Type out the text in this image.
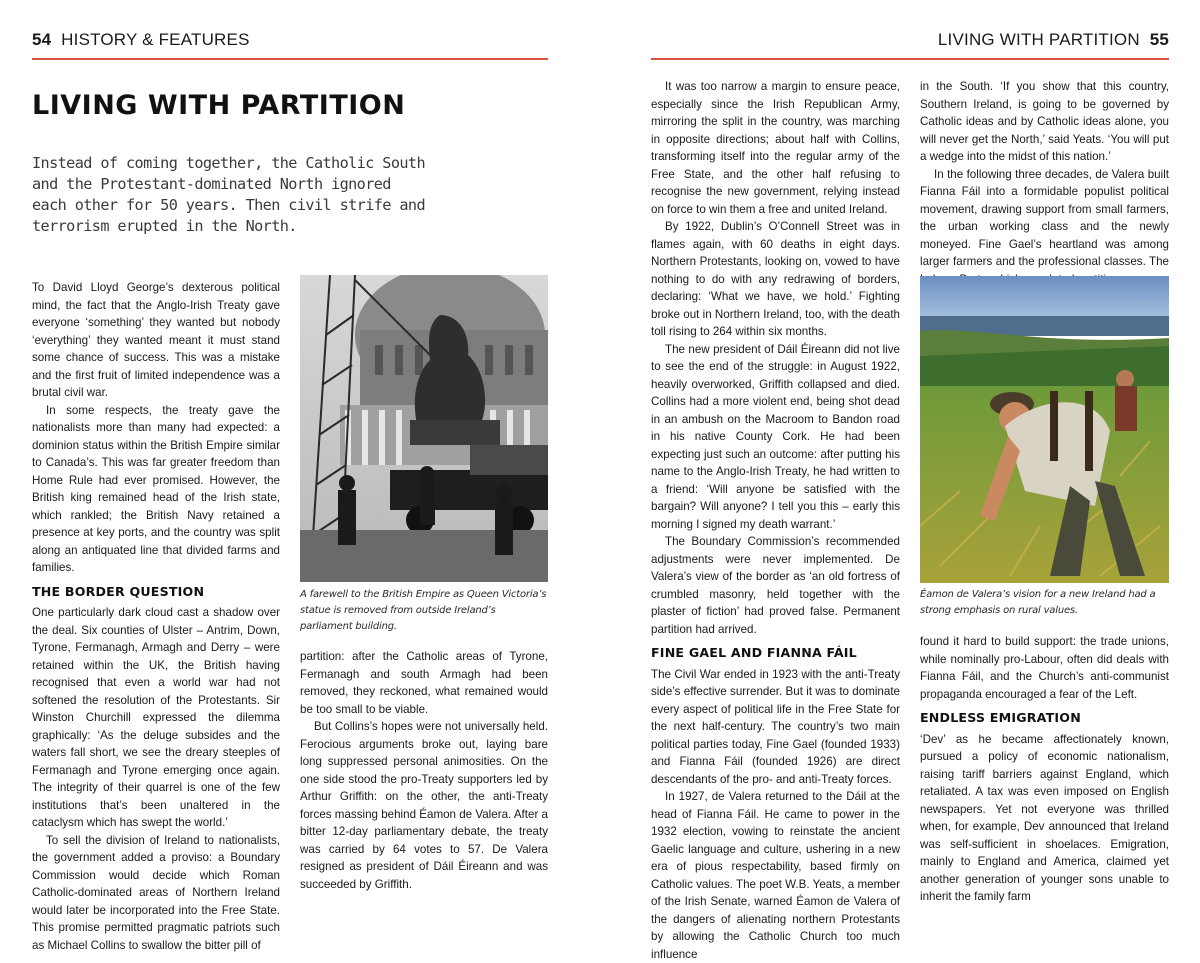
54 HISTORY & FEATURES	LIVING WITH PARTITION 55
LIVING WITH PARTITION
Instead of coming together, the Catholic South and the Protestant-dominated North ignored each other for 50 years. Then civil strife and terrorism erupted in the North.

To David Lloyd George’s dexterous political mind, the fact that the Anglo-Irish Treaty gave everyone ‘something’ they wanted but nobody ‘everything’ they wanted meant it must stand some chance of success. This was a mistake and the first fruit of limited independence was a brutal civil war.

In some respects, the treaty gave the nationalists more than many had expected: a dominion status within the British Empire similar to Canada’s. This was far greater freedom than Home Rule had ever promised. However, the British king remained head of the Irish state, which rankled; the British Navy retained a presence at key ports, and the country was split along an antiquated line that divided farms and families.

THE BORDER QUESTION

One particularly dark cloud cast a shadow over the deal. Six counties of Ulster – Antrim, Down, Tyrone, Fermanagh, Armagh and Derry – were retained within the UK, the British having recognised that even a world war had not softened the resolution of the Protestants. Sir Winston Churchill expressed the dilemma graphically: ‘As the deluge subsides and the waters fall short, we see the dreary steeples of Fermanagh and Tyrone emerging once again. The integrity of their quarrel is one of the few institutions that’s been unaltered in the cataclysm which has swept the world.’

To sell the division of Ireland to nationalists, the government added a proviso: a Boundary Commission would decide which Roman Catholic-dominated areas of Northern Ireland would later be incorporated into the Free State. This promise permitted pragmatic patriots such as Michael Collins to swallow the bitter pill of

A farewell to the British Empire as Queen Victoria’s statue is removed from outside Ireland’s parliament building.

partition: after the Catholic areas of Tyrone, Fermanagh and south Armagh had been removed, they reckoned, what remained would be too small to be viable.

But Collins’s hopes were not universally held. Ferocious arguments broke out, laying bare long suppressed personal animosities. On the one side stood the pro-Treaty supporters led by Arthur Griffith: on the other, the anti-Treaty forces massing behind Éamon de Valera. After a bitter 12-day parliamentary debate, the treaty was carried by 64 votes to 57. De Valera resigned as president of Dáil Éireann and was succeeded by Griffith.

It was too narrow a margin to ensure peace, especially since the Irish Republican Army, mirroring the split in the country, was marching in opposite directions; about half with Collins, transforming itself into the regular army of the Free State, and the other half refusing to recognise the new government, relying instead on force to win them a free and united Ireland.

By 1922, Dublin’s O’Connell Street was in flames again, with 60 deaths in eight days. Northern Protestants, looking on, vowed to have nothing to do with any redrawing of borders, declaring: ‘What we have, we hold.’ Fighting broke out in Northern Ireland, too, with the death toll rising to 264 within six months.

The new president of Dáil Éireann did not live to see the end of the struggle: in August 1922, heavily overworked, Griffith collapsed and died. Collins had a more violent end, being shot dead in an ambush on the Macroom to Bandon road in his native County Cork. He had been expecting just such an outcome: after putting his name to the Anglo-Irish Treaty, he had written to a friend: ‘Will anyone be satisfied with the bargain? Will anyone? I tell you this – early this morning I signed my death warrant.’

The Boundary Commission’s recommended adjustments were never implemented. De Valera’s view of the border as ‘an old fortress of crumbled masonry, held together with the plaster of fiction’ had proved false. Permanent partition had arrived.

FINE GAEL AND FIANNA FÁIL

The Civil War ended in 1923 with the anti-Treaty side’s effective surrender. But it was to dominate every aspect of political life in the Free State for the next half-century. The country’s two main political parties today, Fine Gael (founded 1933) and Fianna Fáil (founded 1926) are direct descendants of the pro- and anti-Treaty forces.

In 1927, de Valera returned to the Dáil at the head of Fianna Fáil. He came to power in the 1932 election, vowing to reinstate the ancient Gaelic language and culture, ushering in a new era of pious respectability, based firmly on Catholic values. The poet W.B. Yeats, a member of the Irish Senate, warned Éamon de Valera of the dangers of alienating northern Protestants by allowing the Catholic Church too much influence

in the South. ‘If you show that this country, Southern Ireland, is going to be governed by Catholic ideas and by Catholic ideas alone, you will never get the North,’ said Yeats. ‘You will put a wedge into the midst of this nation.’

In the following three decades, de Valera built Fianna Fáil into a formidable populist political movement, drawing support from small farmers, the urban working class and the newly moneyed. Fine Gael’s heartland was among larger farmers and the professional classes. The

Éamon de Valera’s vision for a new Ireland had a strong emphasis on rural values.

found it hard to build support: the trade unions, while nominally pro-Labour, often did deals with Fianna Fáil, and the Church’s anti-communist propaganda encouraged a fear of the Left.

ENDLESS EMIGRATION

‘Dev’ as he became affectionately known, pursued a policy of economic nationalism, raising tariff barriers against England, which retaliated. A tax was even imposed on English newspapers. Yet not everyone was thrilled when, for example, Dev announced that Ireland was self-sufficient in shoelaces. Emigration, mainly to England and America, claimed yet another generation of younger sons unable to inherit the family farm
